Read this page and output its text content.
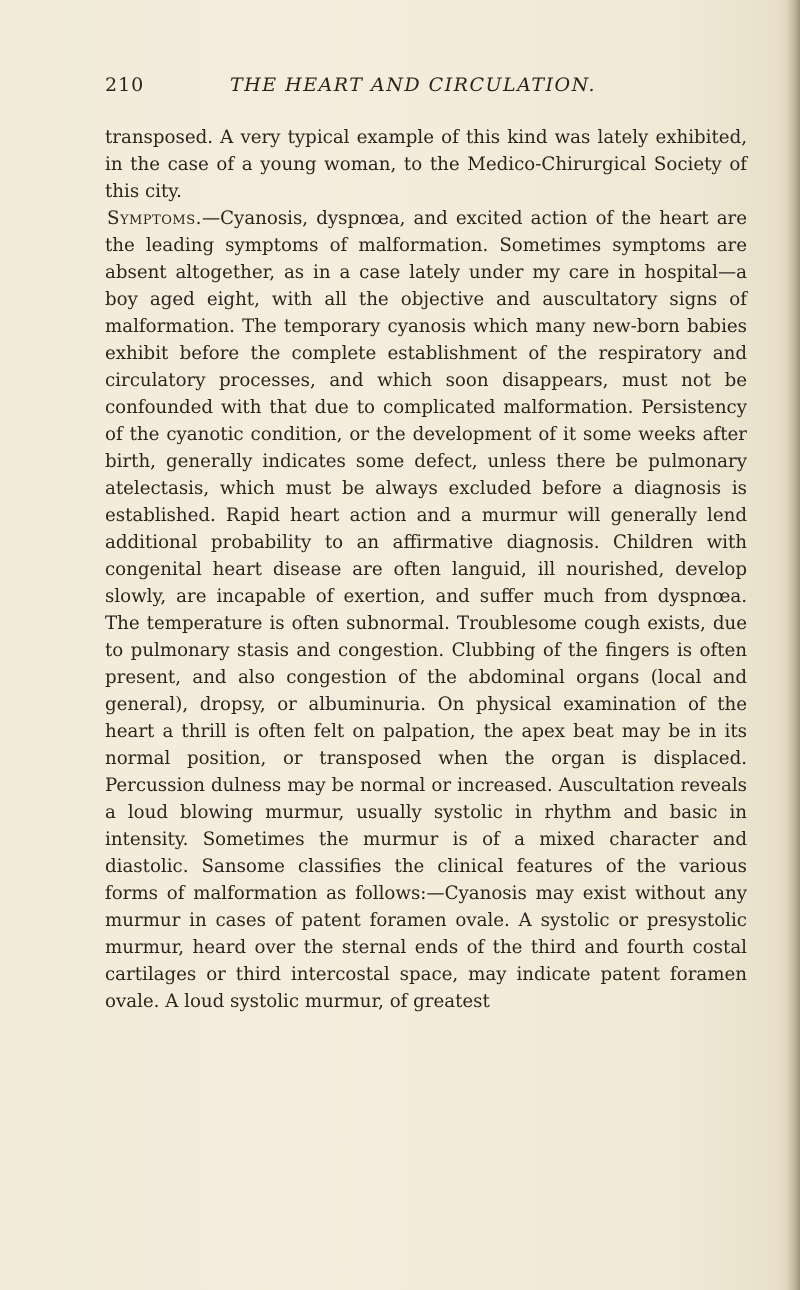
210	THE HEART AND CIRCULATION.

transposed. A very typical example of this kind was lately exhibited, in the case of a young woman, to the Medico-Chirurgical Society of this city.

Symptoms.—Cyanosis, dyspnœa, and excited action of the heart are the leading symptoms of malformation. Sometimes symptoms are absent altogether, as in a case lately under my care in hospital—a boy aged eight, with all the objective and auscultatory signs of malformation. The temporary cyanosis which many new-born babies exhibit before the complete establishment of the respiratory and circulatory processes, and which soon disappears, must not be confounded with that due to complicated malformation. Persistency of the cyanotic condition, or the development of it some weeks after birth, generally indicates some defect, unless there be pulmonary atelectasis, which must be always excluded before a diagnosis is established. Rapid heart action and a murmur will generally lend additional probability to an affirmative diagnosis. Children with congenital heart disease are often languid, ill nourished, develop slowly, are incapable of exertion, and suffer much from dyspnœa. The temperature is often subnormal. Troublesome cough exists, due to pulmonary stasis and congestion. Clubbing of the fingers is often present, and also congestion of the abdominal organs (local and general), dropsy, or albuminuria. On physical examination of the heart a thrill is often felt on palpation, the apex beat may be in its normal position, or transposed when the organ is displaced. Percussion dulness may be normal or increased. Auscultation reveals a loud blowing murmur, usually systolic in rhythm and basic in intensity. Sometimes the murmur is of a mixed character and diastolic. Sansome classifies the clinical features of the various forms of malformation as follows:—Cyanosis may exist without any murmur in cases of patent foramen ovale. A systolic or presystolic murmur, heard over the sternal ends of the third and fourth costal cartilages or third intercostal space, may indicate patent foramen ovale. A loud systolic murmur, of greatest
